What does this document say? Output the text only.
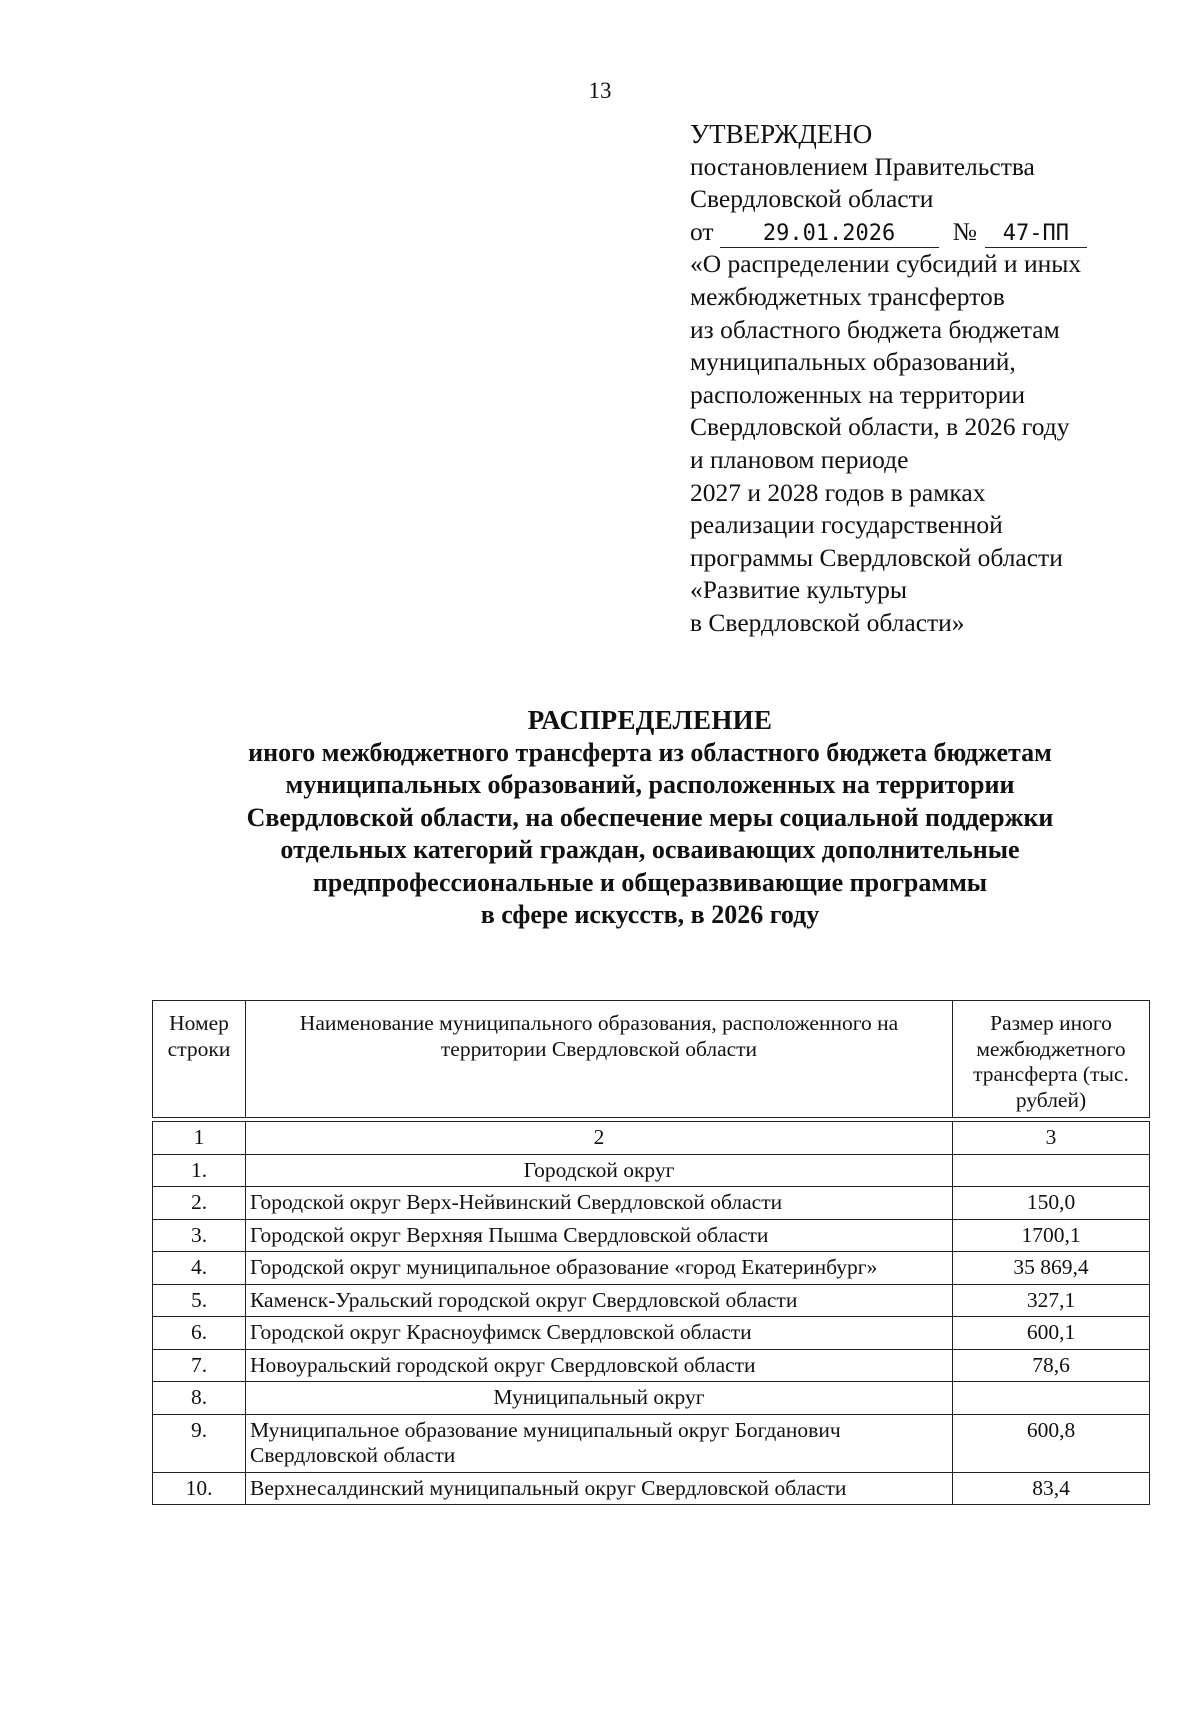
13
УТВЕРЖДЕНО
постановлением Правительства
Свердловской области
от	29.01.2026	№	47-ПП
«О распределении субсидий и иных
межбюджетных трансфертов
из областного бюджета бюджетам
муниципальных образований,
расположенных на территории
Свердловской области, в 2026 году
и плановом периоде
2027 и 2028 годов в рамках
реализации государственной
программы Свердловской области
«Развитие культуры
в Свердловской области»
РАСПРЕДЕЛЕНИЕ
иного межбюджетного трансферта из областного бюджета бюджетам
муниципальных образований, расположенных на территории
Свердловской области, на обеспечение меры социальной поддержки
отдельных категорий граждан, осваивающих дополнительные
предпрофессиональные и общеразвивающие программы
в сфере искусств, в 2026 году
Номер строки	Наименование муниципального образования, расположенного на территории Свердловской области	Размер иного межбюджетного трансферта (тыс. рублей)

1	2	3
1.	Городской округ	
2.	Городской округ Верх-Нейвинский Свердловской области	150,0
3.	Городской округ Верхняя Пышма Свердловской области	1700,1
4.	Городской округ муниципальное образование «город Екатеринбург»	35 869,4
5.	Каменск-Уральский городской округ Свердловской области	327,1
6.	Городской округ Красноуфимск Свердловской области	600,1
7.	Новоуральский городской округ Свердловской области	78,6
8.	Муниципальный округ	
9.	Муниципальное образование муниципальный округ Богданович Свердловской области	600,8
10.	Верхнесалдинский муниципальный округ Свердловской области	83,4
